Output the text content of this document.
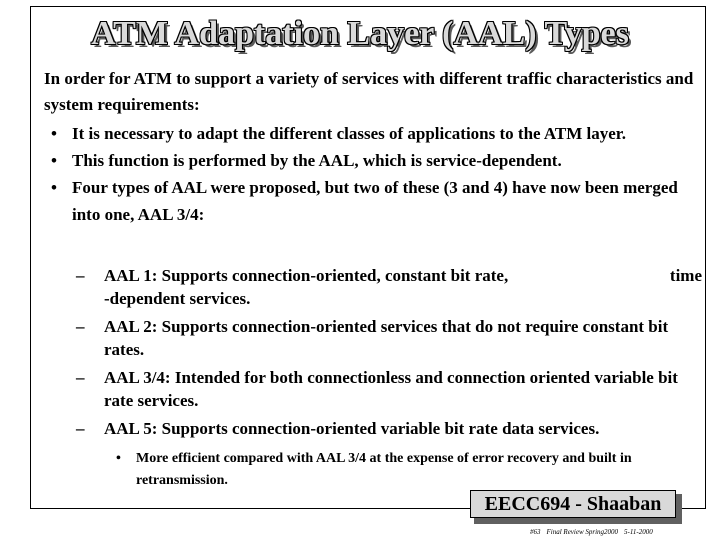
ATM Adaptation Layer (AAL) Types
In order for ATM to support a variety of services with different traffic characteristics and system requirements:
• It is necessary to adapt the different classes of applications to the ATM layer.
• This function is performed by the AAL, which is service-dependent.
• Four types of AAL were proposed, but two of these (3 and 4) have now been merged into one, AAL 3/4:
– AAL 1: Supports connection-oriented, constant bit rate,	time

-dependent services.
– AAL 2: Supports connection-oriented services that do not require constant bit rates.
– AAL 3/4: Intended for both connectionless and connection oriented variable bit rate services.
– AAL 5: Supports connection-oriented variable bit rate data services.
• More efficient compared with AAL 3/4 at the expense of error recovery and built in retransmission.
EECC694 - Shaaban
#63 Final Review Spring2000 5-11-2000
